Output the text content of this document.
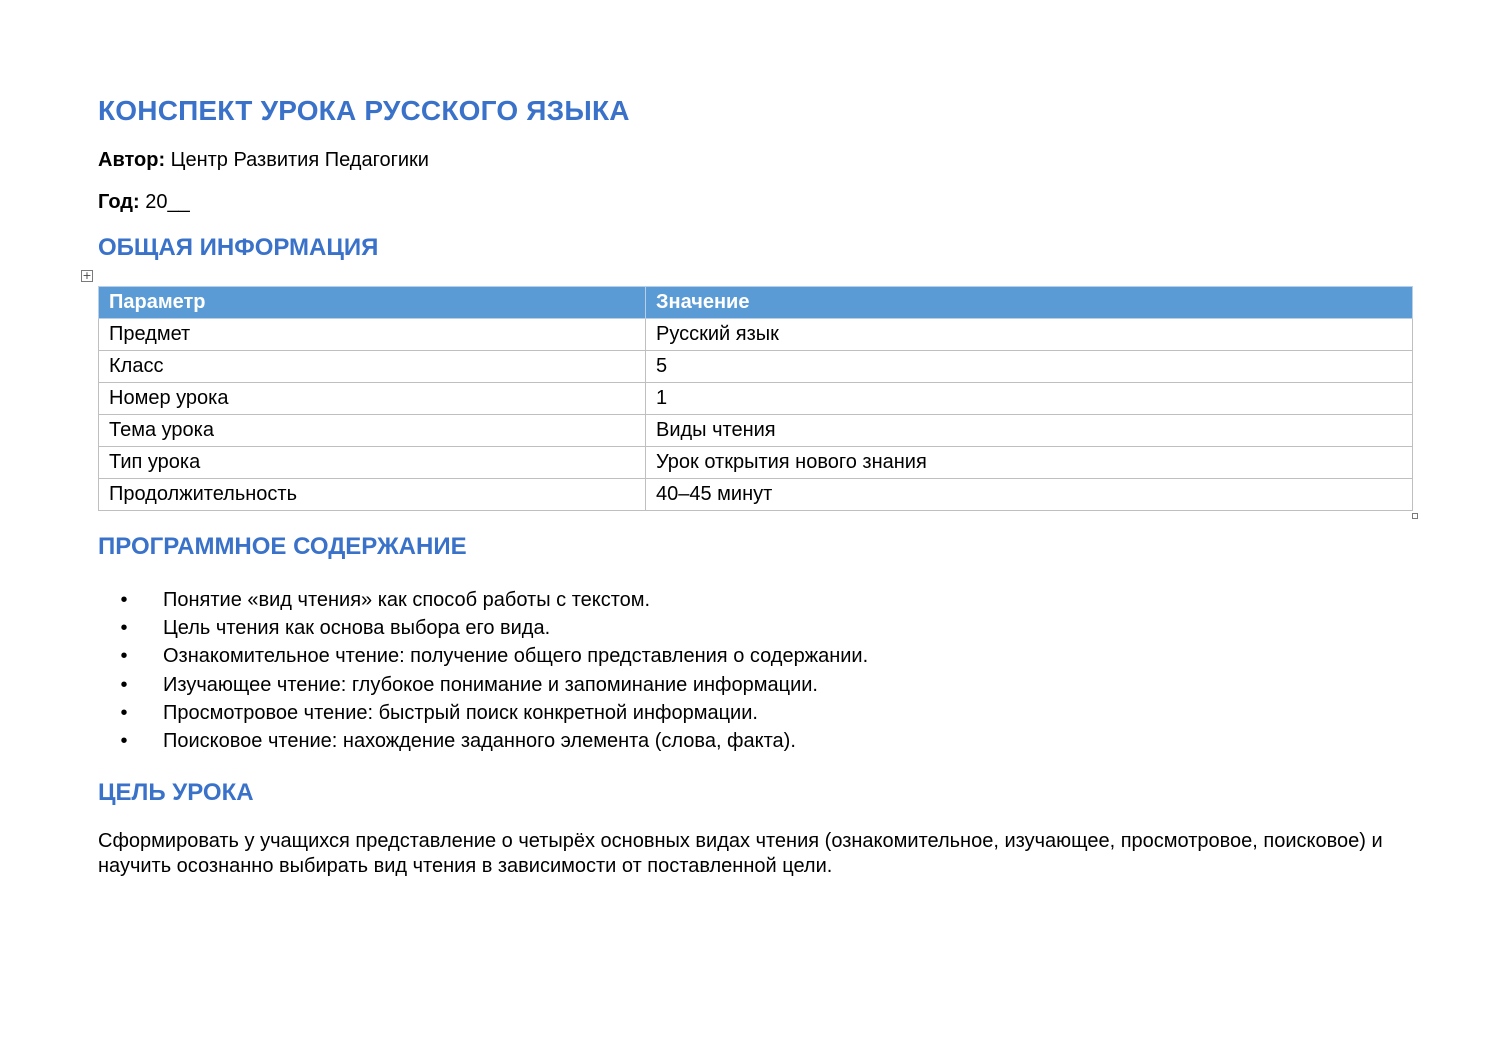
КОНСПЕКТ УРОКА РУССКОГО ЯЗЫКА

Автор: Центр Развития Педагогики

Год: 20__

ОБЩАЯ ИНФОРМАЦИЯ
+
Параметр	Значение
Предмет	Русский язык
Класс	5
Номер урока	1
Тема урока	Виды чтения
Тип урока	Урок открытия нового знания
Продолжительность	40–45 минут
ПРОГРАММНОЕ СОДЕРЖАНИЕ
• Понятие «вид чтения» как способ работы с текстом.
• Цель чтения как основа выбора его вида.
• Ознакомительное чтение: получение общего представления о содержании.
• Изучающее чтение: глубокое понимание и запоминание информации.
• Просмотровое чтение: быстрый поиск конкретной информации.
• Поисковое чтение: нахождение заданного элемента (слова, факта).
ЦЕЛЬ УРОКА

Сформировать у учащихся представление о четырёх основных видах чтения (ознакомительное, изучающее, просмотровое, поисковое) и научить осознанно выбирать вид чтения в зависимости от поставленной цели.
